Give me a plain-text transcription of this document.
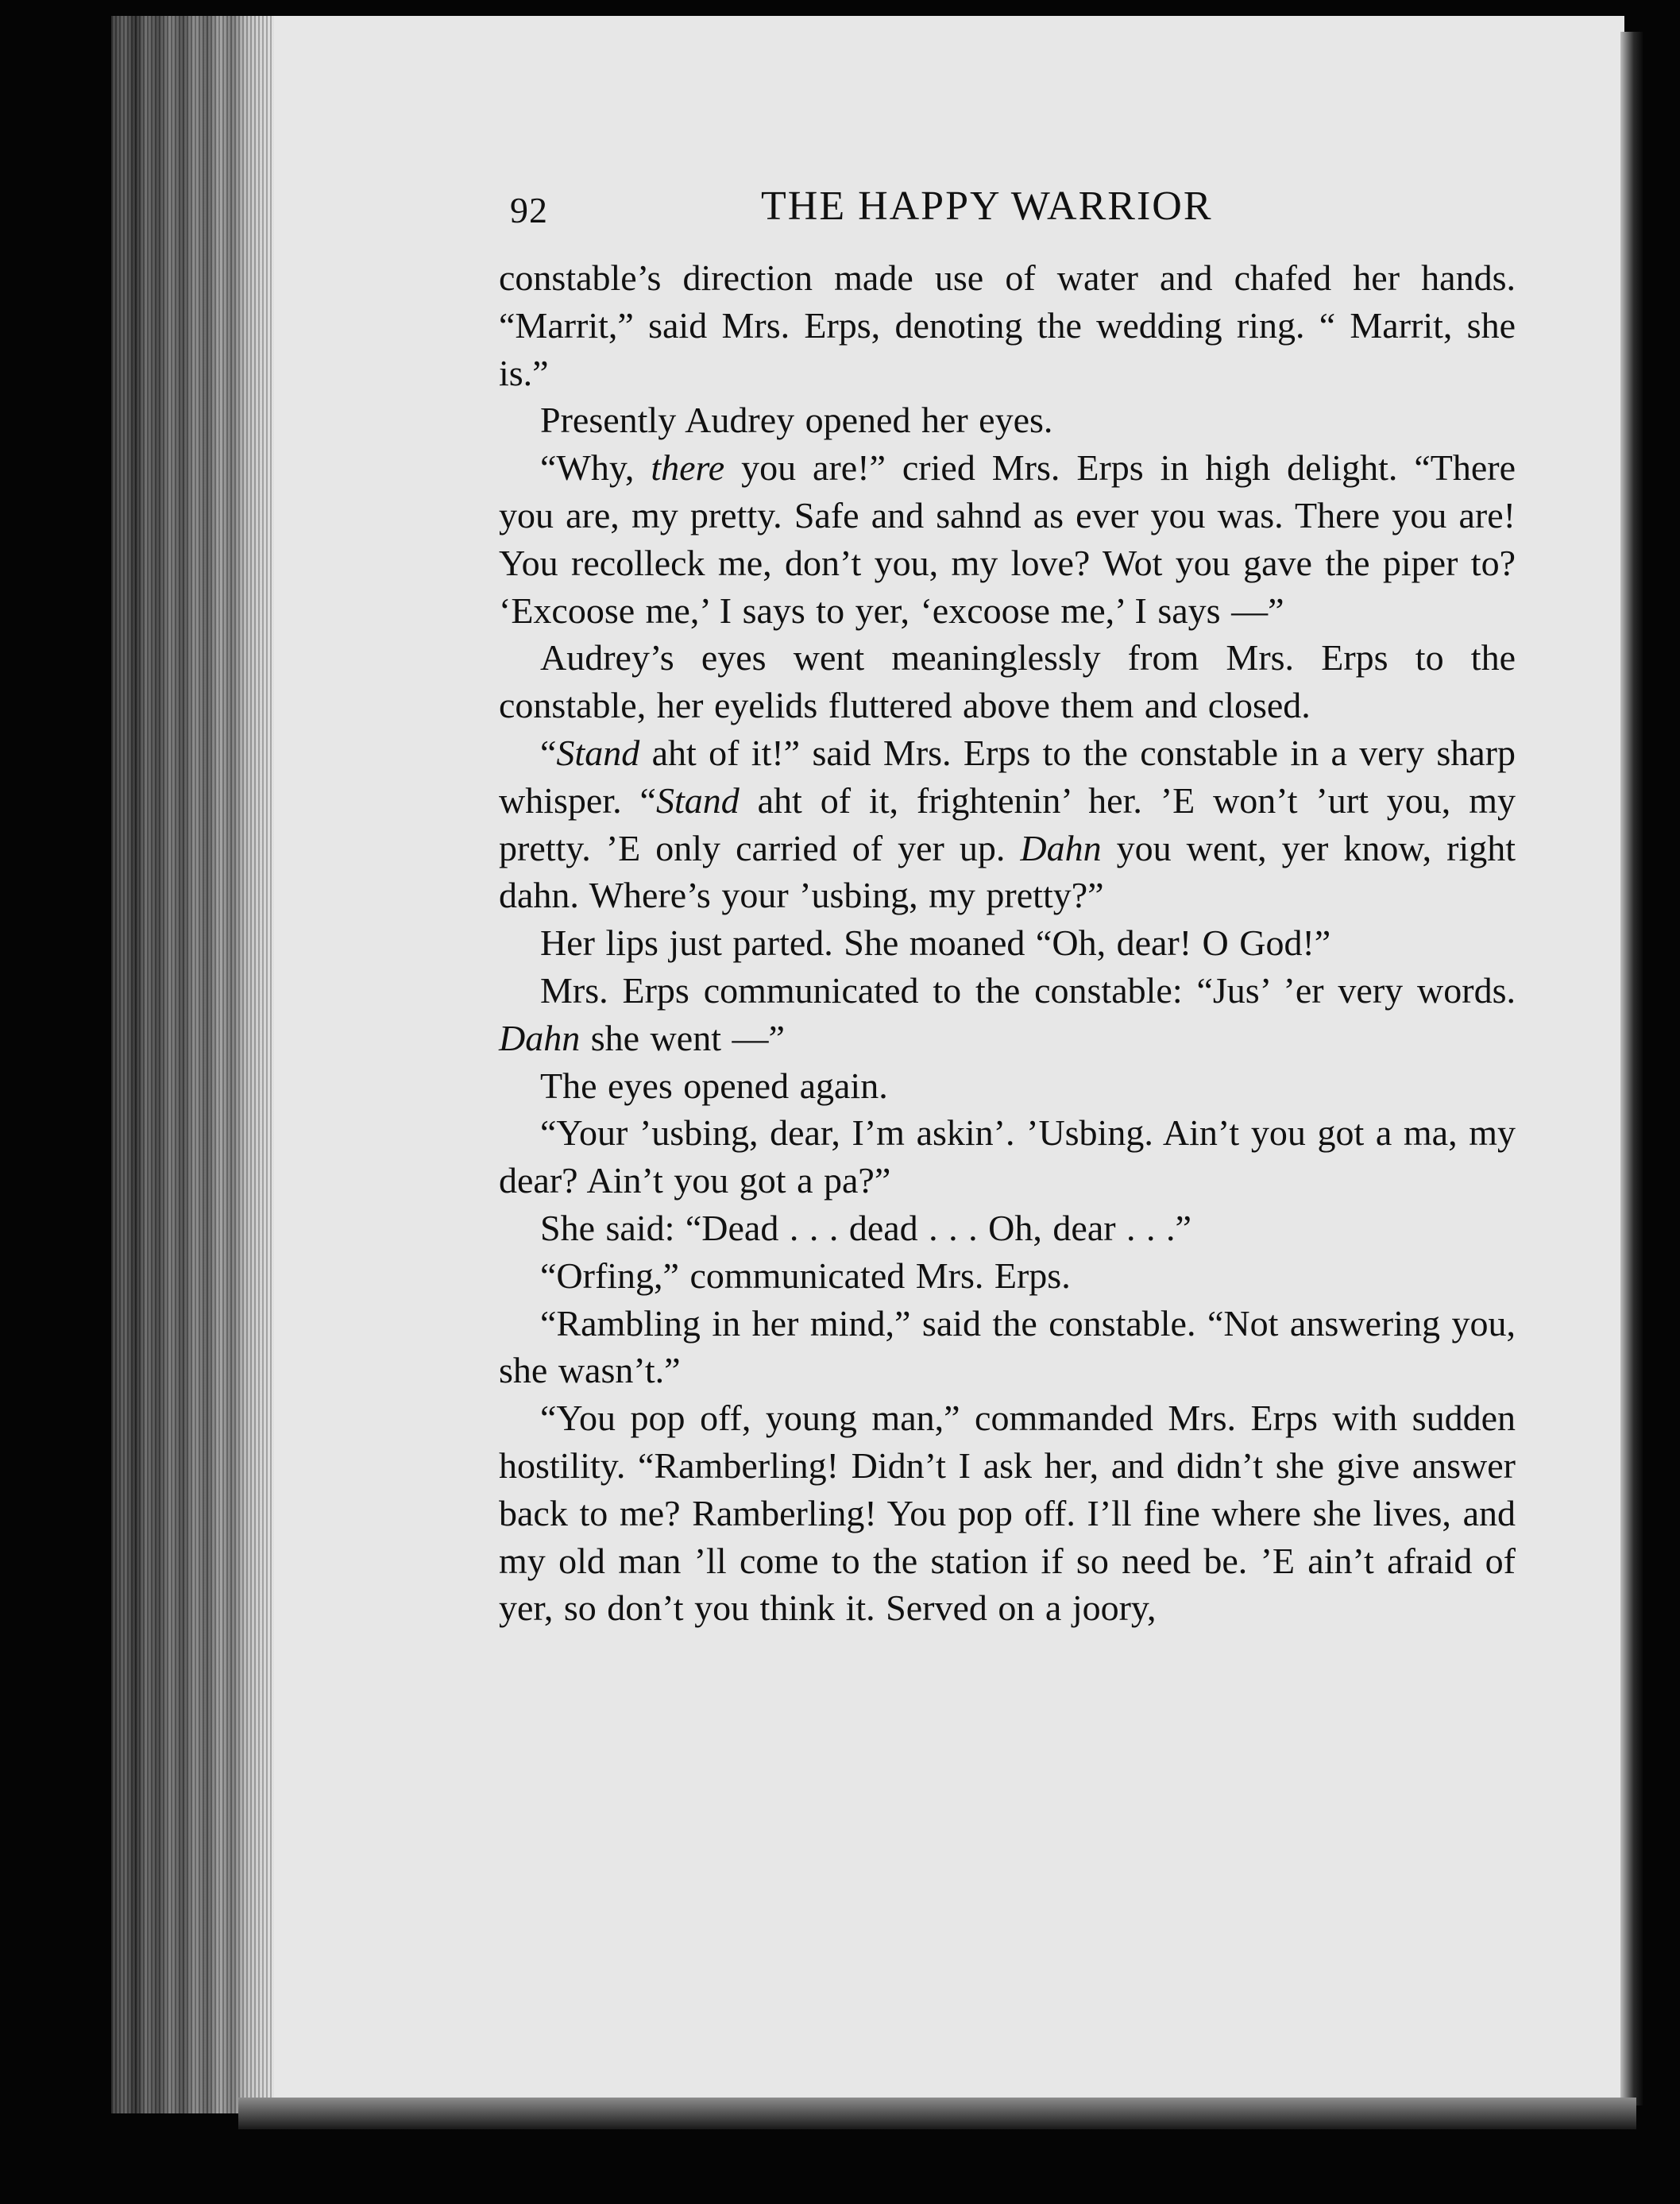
92	THE HAPPY WARRIOR

constable’s direction made use of water and chafed her hands. “Marrit,” said Mrs. Erps, denoting the wedding ring. “ Marrit, she is.”

Presently Audrey opened her eyes.

“Why, there you are!” cried Mrs. Erps in high delight. “There you are, my pretty. Safe and sahnd as ever you was. There you are! You recolleck me, don’t you, my love? Wot you gave the piper to? ‘Excoose me,’ I says to yer, ‘excoose me,’ I says —”

Audrey’s eyes went meaninglessly from Mrs. Erps to the constable, her eyelids fluttered above them and closed.

“Stand aht of it!” said Mrs. Erps to the constable in a very sharp whisper. “Stand aht of it, frightenin’ her. ’E won’t ’urt you, my pretty. ’E only carried of yer up. Dahn you went, yer know, right dahn. Where’s your ’usbing, my pretty?”

Her lips just parted. She moaned “Oh, dear! O God!”

Mrs. Erps communicated to the constable: “Jus’ ’er very words. Dahn she went —”

The eyes opened again.

“Your ’usbing, dear, I’m askin’. ’Usbing. Ain’t you got a ma, my dear? Ain’t you got a pa?”

She said: “Dead . . . dead . . . Oh, dear . . .”

“Orfing,” communicated Mrs. Erps.

“Rambling in her mind,” said the constable. “Not answering you, she wasn’t.”

“You pop off, young man,” commanded Mrs. Erps with sudden hostility. “Ramberling! Didn’t I ask her, and didn’t she give answer back to me? Ramberling! You pop off. I’ll fine where she lives, and my old man ’ll come to the station if so need be. ’E ain’t afraid of yer, so don’t you think it. Served on a joory,
